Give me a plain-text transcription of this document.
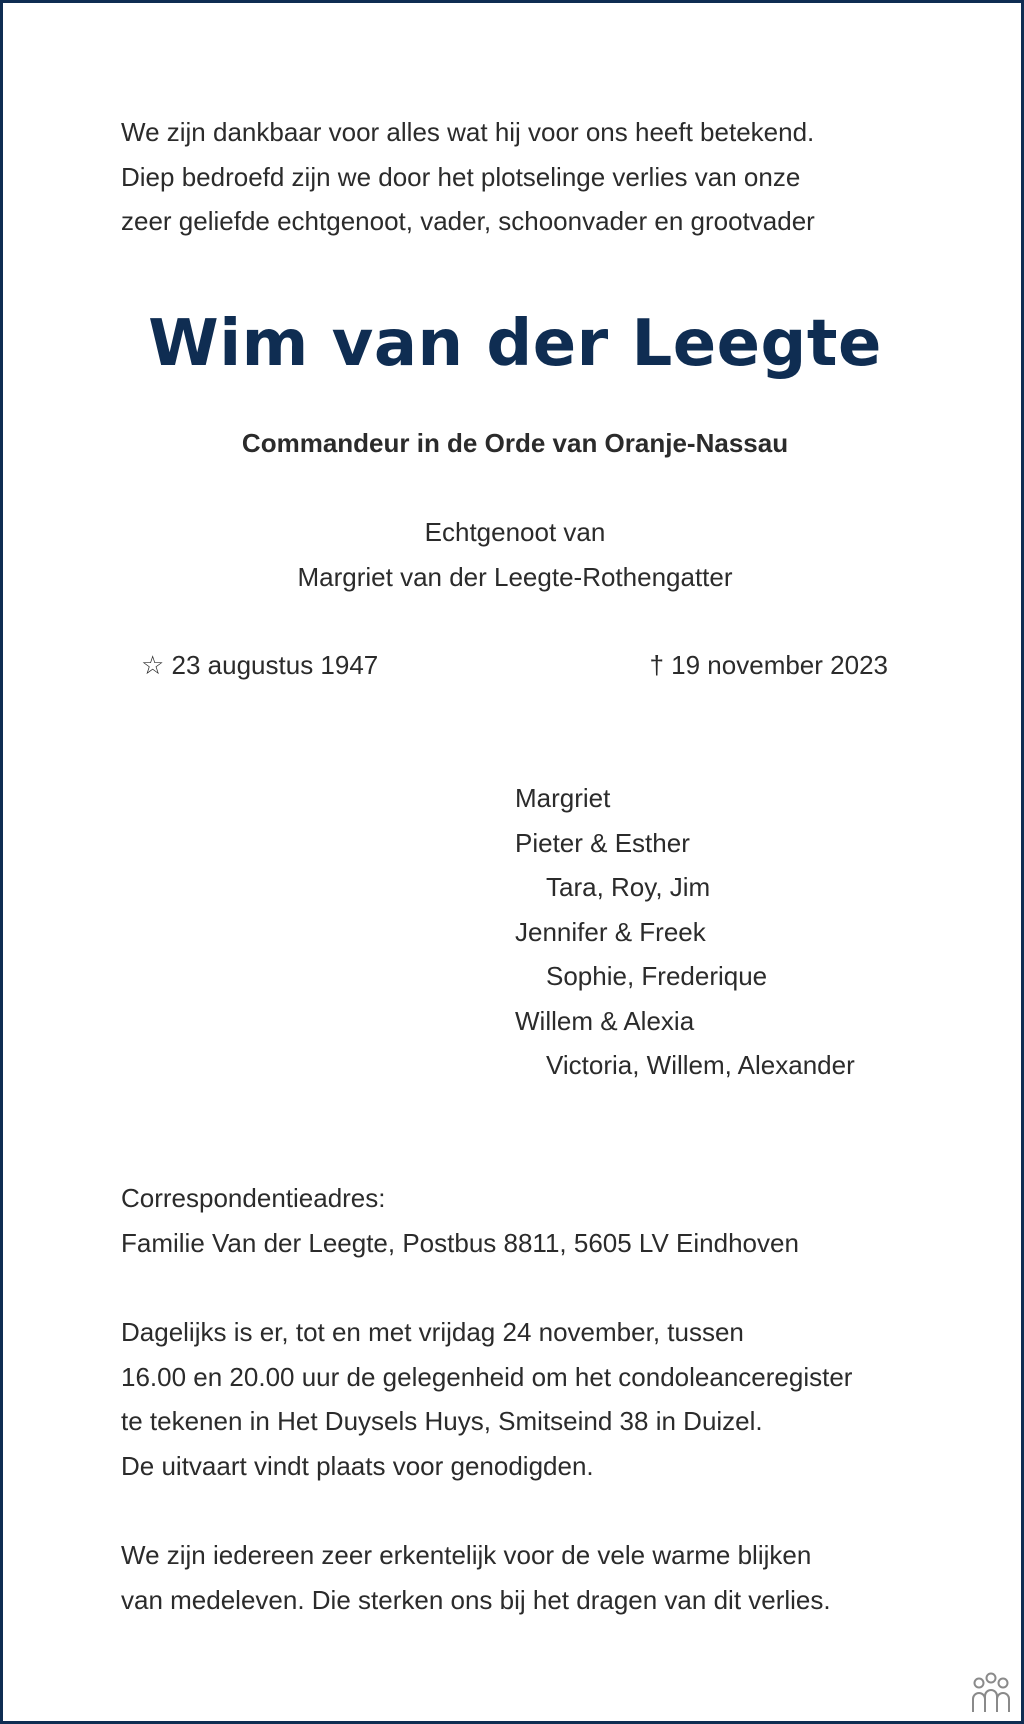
We zijn dankbaar voor alles wat hij voor ons heeft betekend.
Diep bedroefd zijn we door het plotselinge verlies van onze
zeer geliefde echtgenoot, vader, schoonvader en grootvader
Wim van der Leegte
Commandeur in de Orde van Oranje-Nassau
Echtgenoot van
Margriet van der Leegte-Rothengatter
☆ 23 augustus 1947	† 19 november 2023
Margriet
Pieter & Esther
Tara, Roy, Jim
Jennifer & Freek
Sophie, Frederique
Willem & Alexia
Victoria, Willem, Alexander
Correspondentieadres:
Familie Van der Leegte, Postbus 8811, 5605 LV Eindhoven
Dagelijks is er, tot en met vrijdag 24 november, tussen
16.00 en 20.00 uur de gelegenheid om het condoleanceregister
te tekenen in Het Duysels Huys, Smitseind 38 in Duizel.
De uitvaart vindt plaats voor genodigden.
We zijn iedereen zeer erkentelijk voor de vele warme blijken
van medeleven. Die sterken ons bij het dragen van dit verlies.
